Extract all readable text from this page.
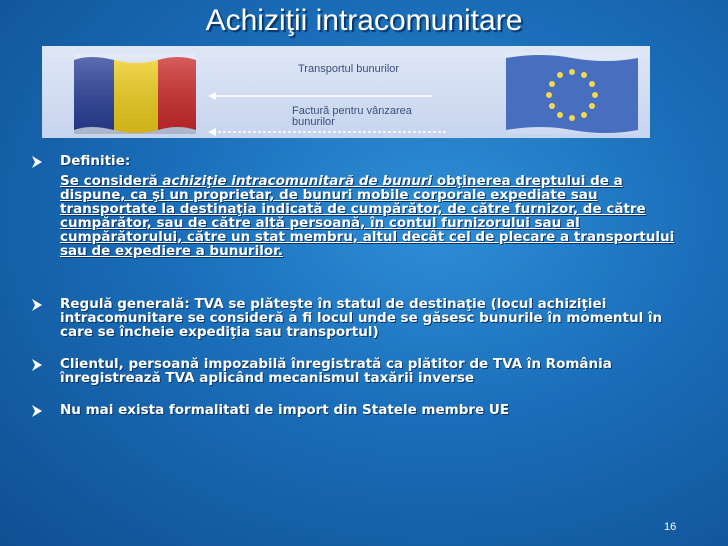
Achiziţii intracomunitare
Transportul bunurilor
Factură pentru vânzarea bunurilor
Definitie:
Se consideră achiziţie intracomunitară de bunuri obţinerea dreptului de a dispune, ca şi un proprietar, de bunuri mobile corporale expediate sau transportate la destinaţia indicată de cumpărător, de către furnizor, de către cumpărător, sau de către altă persoană, în contul furnizorului sau al cumpărătorului, către un stat membru, altul decât cel de plecare a transportului sau de expediere a bunurilor.
Regulă generală: TVA se plăteşte în statul de destinaţie (locul achiziţiei intracomunitare se consideră a fi locul unde se găsesc bunurile în momentul în care se încheie expediţia sau transportul)
Clientul, persoană impozabilă înregistrată ca plătitor de TVA în România înregistrează TVA aplicând mecanismul taxării inverse
Nu mai exista formalitati de import din Statele membre UE
16
